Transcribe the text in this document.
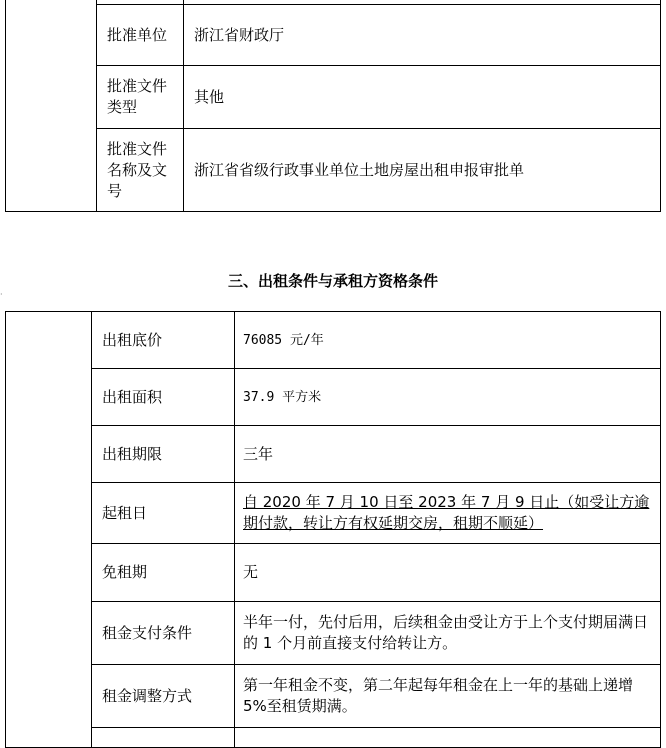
	批准单位	浙江省财政厅
	批准文件类型	其他
	批准文件名称及文号	浙江省省级行政事业单位土地房屋出租申报审批单
三、出租条件与承租方资格条件
·
	出租底价	76085 元/年
	出租面积	37.9 平方米
	出租期限	三年
	起租日	自 2020 年 7 月 10 日至 2023 年 7 月 9 日止（如受让方逾期付款，转让方有权延期交房，租期不顺延）
	免租期	无
	租金支付条件	半年一付，先付后用，后续租金由受让方于上个支付期届满日的 1 个月前直接支付给转让方。
	租金调整方式	第一年租金不变，第二年起每年租金在上一年的基础上递增 5%至租赁期满。
